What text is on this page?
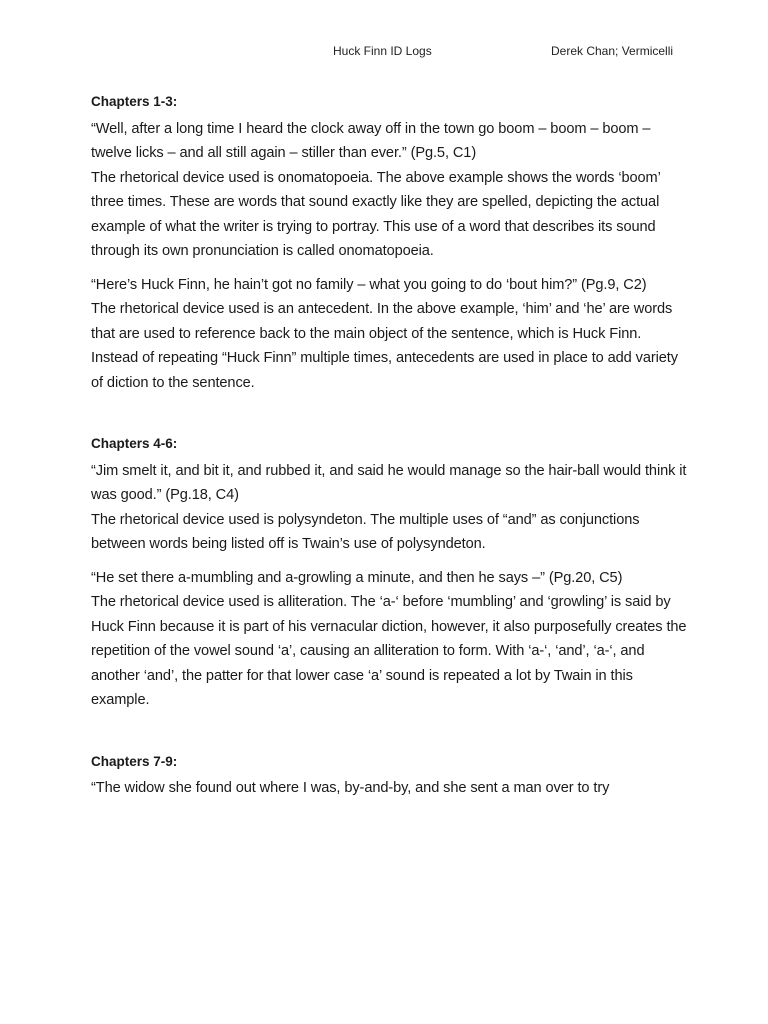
Huck Finn ID Logs	Derek Chan; Vermicelli
Chapters 1-3:

“Well, after a long time I heard the clock away off in the town go boom – boom – boom – twelve licks – and all still again – stiller than ever.” (Pg.5, C1)
The rhetorical device used is onomatopoeia. The above example shows the words ‘boom’ three times. These are words that sound exactly like they are spelled, depicting the actual example of what the writer is trying to portray. This use of a word that describes its sound through its own pronunciation is called onomatopoeia.

“Here’s Huck Finn, he hain’t got no family – what you going to do ‘bout him?” (Pg.9, C2)
The rhetorical device used is an antecedent. In the above example, ‘him’ and ‘he’ are words that are used to reference back to the main object of the sentence, which is Huck Finn. Instead of repeating “Huck Finn” multiple times, antecedents are used in place to add variety of diction to the sentence.

Chapters 4-6:

“Jim smelt it, and bit it, and rubbed it, and said he would manage so the hair-ball would think it was good.” (Pg.18, C4)
The rhetorical device used is polysyndeton. The multiple uses of “and” as conjunctions between words being listed off is Twain’s use of polysyndeton.

“He set there a-mumbling and a-growling a minute, and then he says –” (Pg.20, C5)
The rhetorical device used is alliteration. The ‘a-‘ before ‘mumbling’ and ‘growling’ is said by Huck Finn because it is part of his vernacular diction, however, it also purposefully creates the repetition of the vowel sound ‘a’, causing an alliteration to form. With ‘a-‘, ‘and’, ‘a-‘, and another ‘and’, the patter for that lower case ‘a’ sound is repeated a lot by Twain in this example.

Chapters 7-9:

“The widow she found out where I was, by-and-by, and she sent a man over to try
